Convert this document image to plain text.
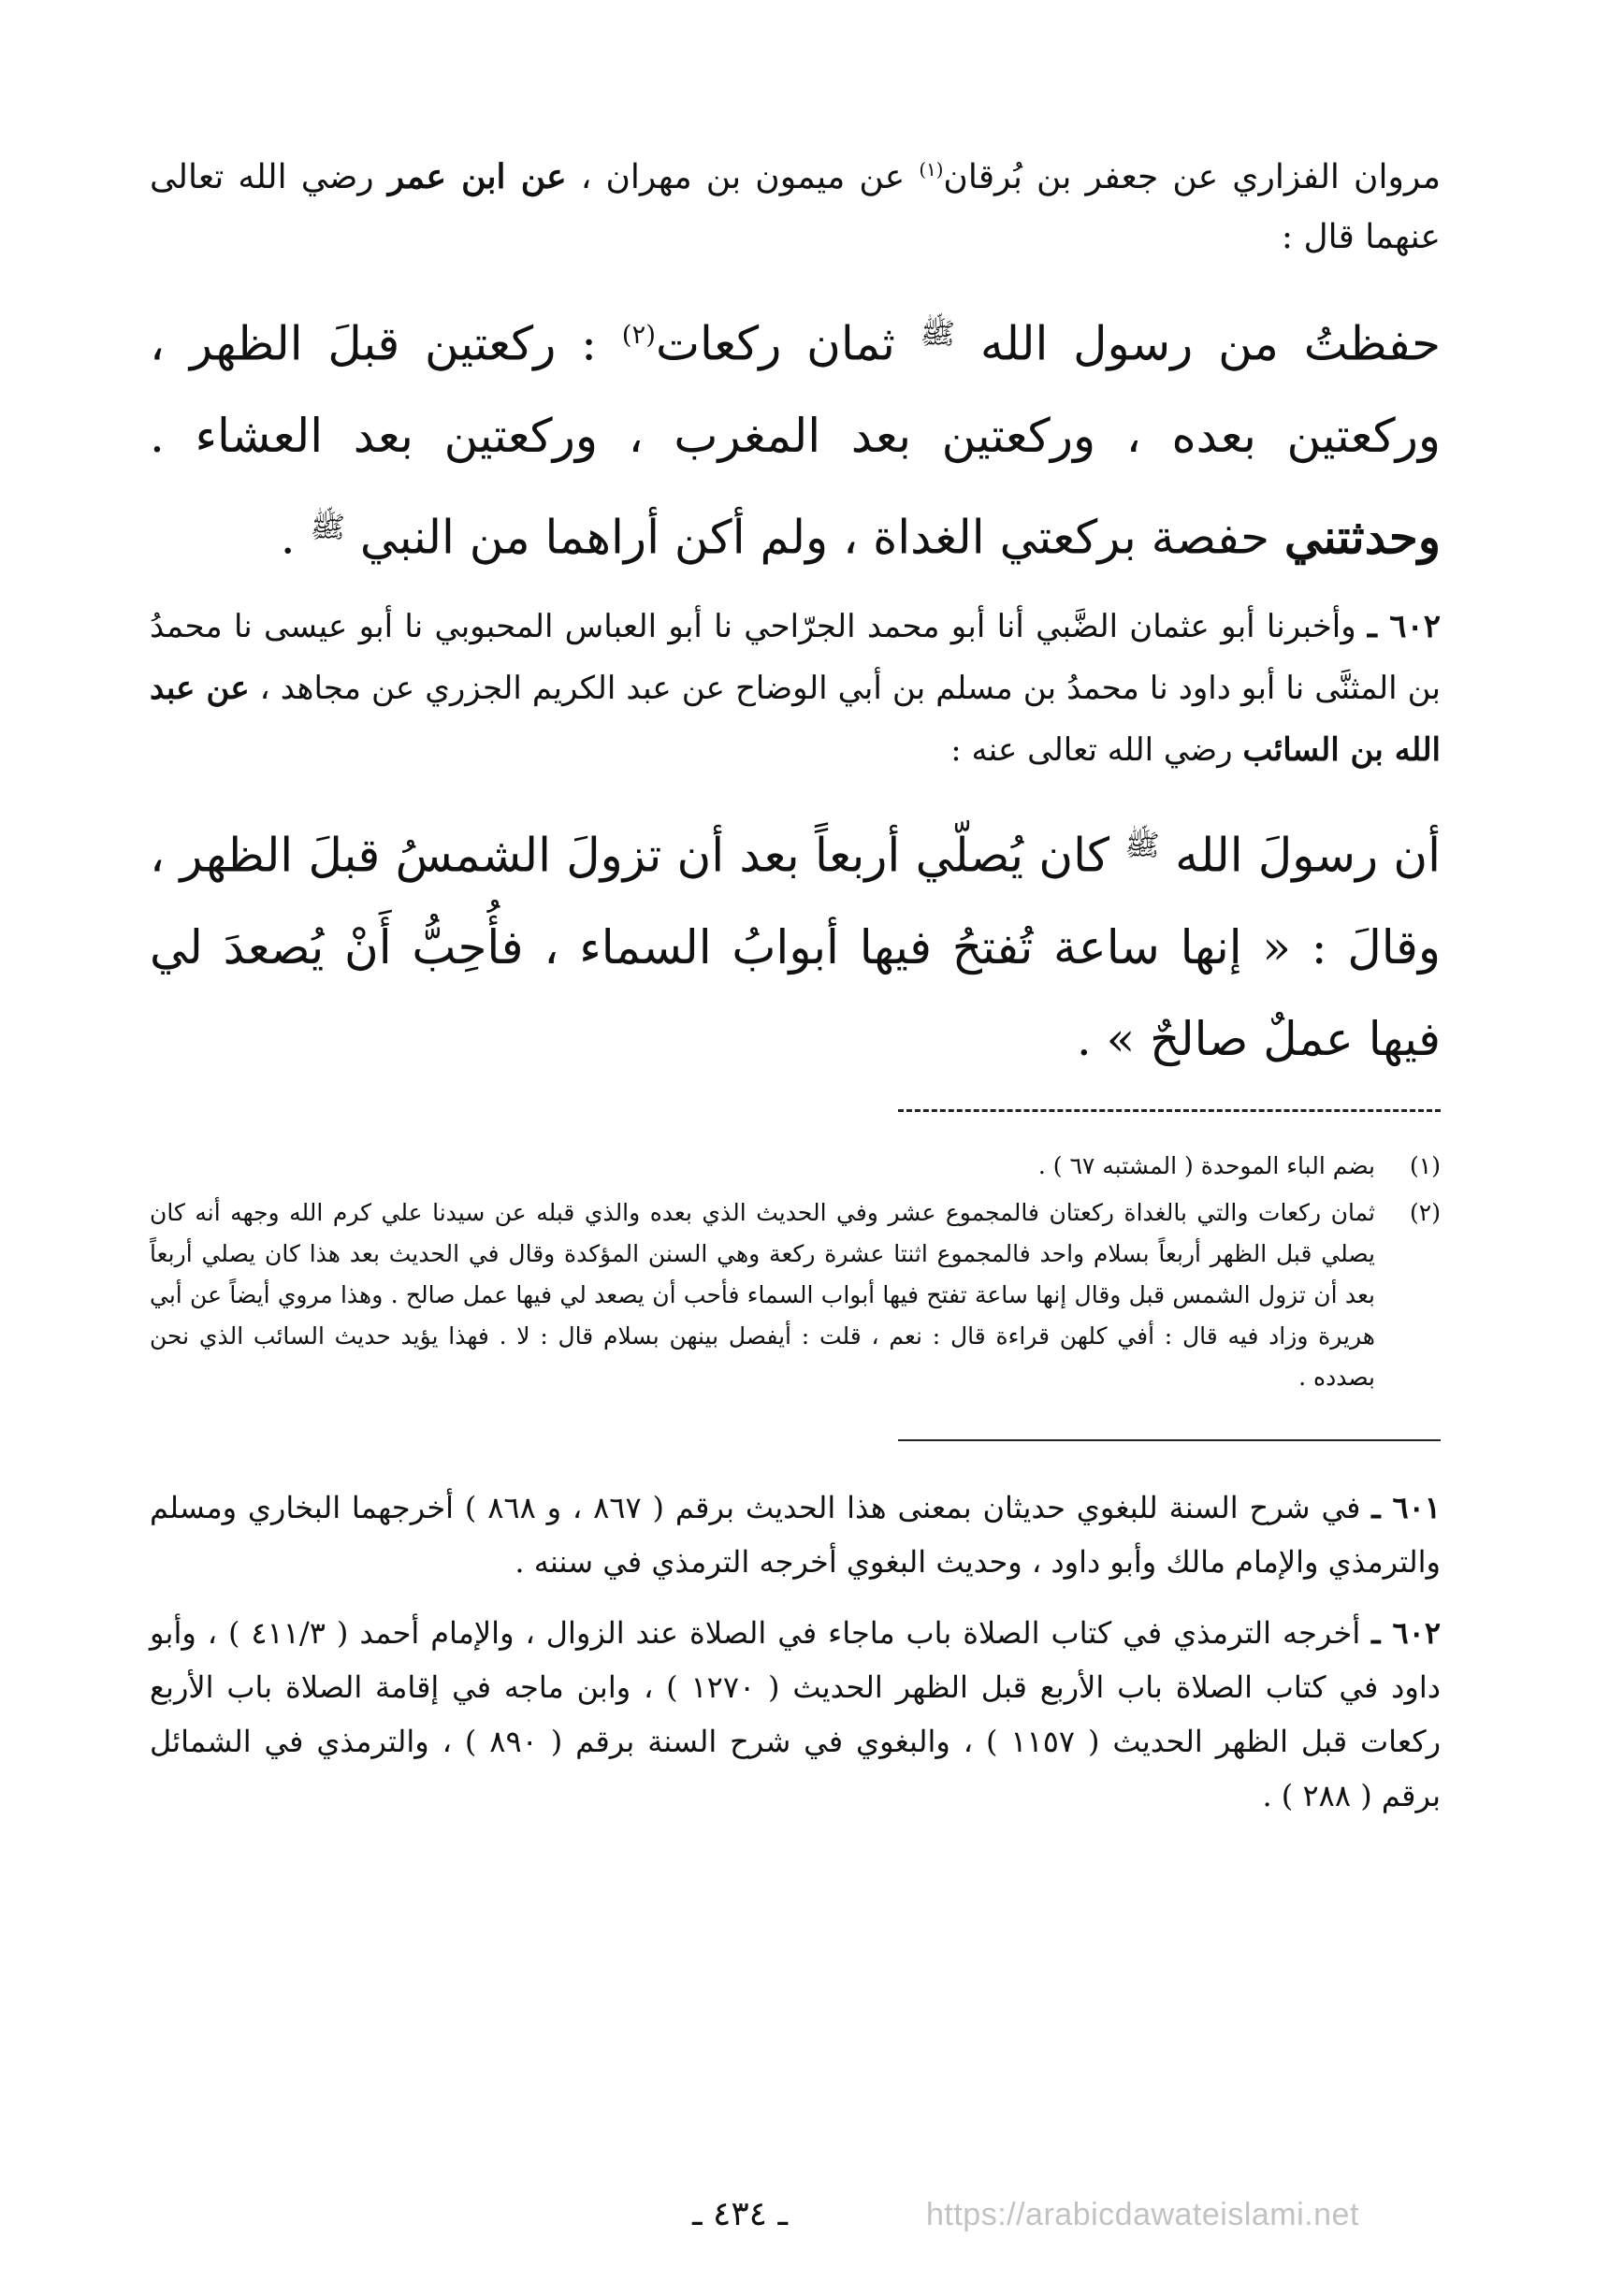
مروان الفزاري عن جعفر بن بُرقان$^{(١)}$ عن ميمون بن مهران ، عن ابن عمر رضي الله تعالى عنهما قال :

حفظتُ من رسول الله $^ﷺ$ ثمان ركعات$^{(٢)}$ : ركعتين قبلَ الظهر ، وركعتين بعده ، وركعتين بعد المغرب ، وركعتين بعد العشاء . وحدثتني حفصة بركعتي الغداة ، ولم أكن أراهما من النبي $^ﷺ$ .

٦٠٢ ـ وأخبرنا أبو عثمان الضَّبي أنا أبو محمد الجرّاحي نا أبو العباس المحبوبي نا أبو عيسى نا محمدُ بن المثنَّى نا أبو داود نا محمدُ بن مسلم بن أبي الوضاح عن عبد الكريم الجزري عن مجاهد ، عن عبد الله بن السائب رضي الله تعالى عنه :

أن رسولَ الله $^ﷺ$ كان يُصلّي أربعاً بعد أن تزولَ الشمسُ قبلَ الظهر ، وقالَ : « إنها ساعة تُفتحُ فيها أبوابُ السماء ، فأُحِبُّ أَنْ يُصعدَ لي فيها عملٌ صالحٌ » .

(١)
بضم الباء الموحدة ( المشتبه ٦٧ ) .
(٢)
ثمان ركعات والتي بالغداة ركعتان فالمجموع عشر وفي الحديث الذي بعده والذي قبله عن سيدنا علي كرم الله وجهه أنه كان يصلي قبل الظهر أربعاً بسلام واحد فالمجموع اثنتا عشرة ركعة وهي السنن المؤكدة وقال في الحديث بعد هذا كان يصلي أربعاً بعد أن تزول الشمس قبل وقال إنها ساعة تفتح فيها أبواب السماء فأحب أن يصعد لي فيها عمل صالح . وهذا مروي أيضاً عن أبي هريرة وزاد فيه قال : أفي كلهن قراءة قال : نعم ، قلت : أيفصل بينهن بسلام قال : لا . فهذا يؤيد حديث السائب الذي نحن بصدده .

٦٠١ ـ في شرح السنة للبغوي حديثان بمعنى هذا الحديث برقم ( ٨٦٧ ، و ٨٦٨ ) أخرجهما البخاري ومسلم والترمذي والإمام مالك وأبو داود ، وحديث البغوي أخرجه الترمذي في سننه .

٦٠٢ ـ أخرجه الترمذي في كتاب الصلاة باب ماجاء في الصلاة عند الزوال ، والإمام أحمد ( ٤١١/٣ ) ، وأبو داود في كتاب الصلاة باب الأربع قبل الظهر الحديث ( ١٢٧٠ ) ، وابن ماجه في إقامة الصلاة باب الأربع ركعات قبل الظهر الحديث ( ١١٥٧ ) ، والبغوي في شرح السنة برقم ( ٨٩٠ ) ، والترمذي في الشمائل برقم ( ٢٨٨ ) .

ـ ٤٣٤ ـ	https://arabicdawateislami.net
